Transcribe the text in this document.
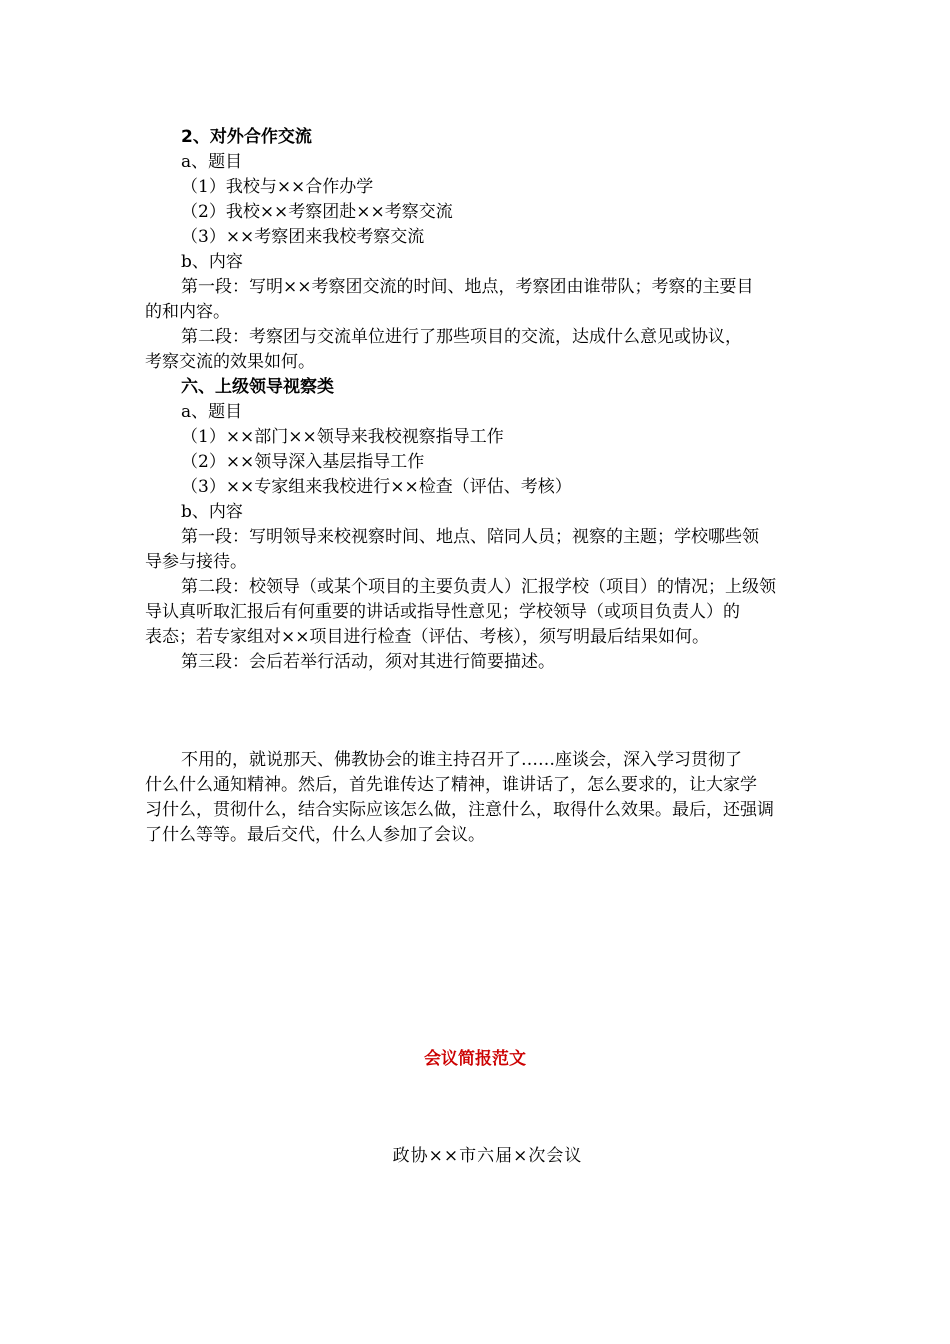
2、对外合作交流
a、题目
（1）我校与××合作办学
（2）我校××考察团赴××考察交流
（3）××考察团来我校考察交流
b、内容
第一段：写明××考察团交流的时间、地点，考察团由谁带队；考察的主要目
的和内容。
第二段：考察团与交流单位进行了那些项目的交流，达成什么意见或协议，
考察交流的效果如何。
六、上级领导视察类
a、题目
（1）××部门××领导来我校视察指导工作
（2）××领导深入基层指导工作
（3）××专家组来我校进行××检查（评估、考核）
b、内容
第一段：写明领导来校视察时间、地点、陪同人员；视察的主题；学校哪些领
导参与接待。
第二段：校领导（或某个项目的主要负责人）汇报学校（项目）的情况；上级领
导认真听取汇报后有何重要的讲话或指导性意见；学校领导（或项目负责人）的
表态；若专家组对××项目进行检查（评估、考核），须写明最后结果如何。
第三段：会后若举行活动，须对其进行简要描述。
不用的，就说那天、佛教协会的谁主持召开了……座谈会，深入学习贯彻了
什么什么通知精神。然后，首先谁传达了精神，谁讲话了，怎么要求的，让大家学
习什么，贯彻什么，结合实际应该怎么做，注意什么，取得什么效果。最后，还强调
了什么等等。最后交代，什么人参加了会议。
会议简报范文
政协××市六届×次会议
